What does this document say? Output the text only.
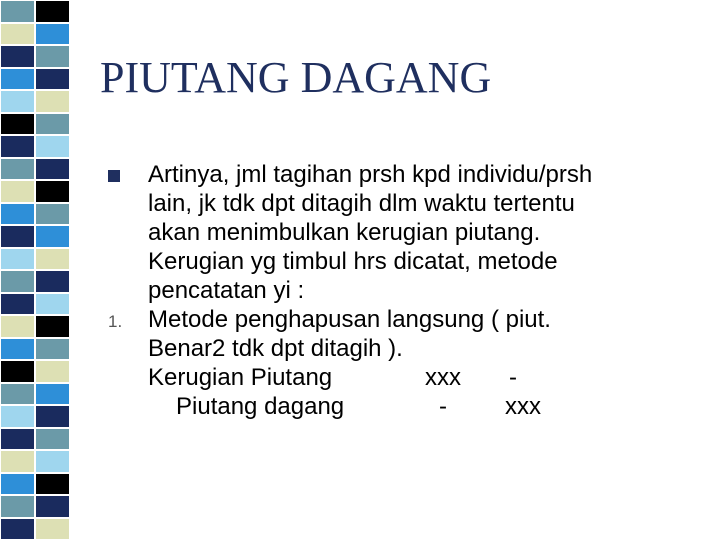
PIUTANG DAGANG
Artinya, jml tagihan prsh kpd individu/prsh
lain, jk tdk dpt ditagih dlm waktu tertentu
akan menimbulkan kerugian piutang.
Kerugian yg timbul hrs dicatat, metode
pencatatan yi :
1.	Metode penghapusan langsung ( piut.
Benar2 tdk dpt ditagih ).
Kerugian Piutang	xxx	-
Piutang dagang	-	xxx
